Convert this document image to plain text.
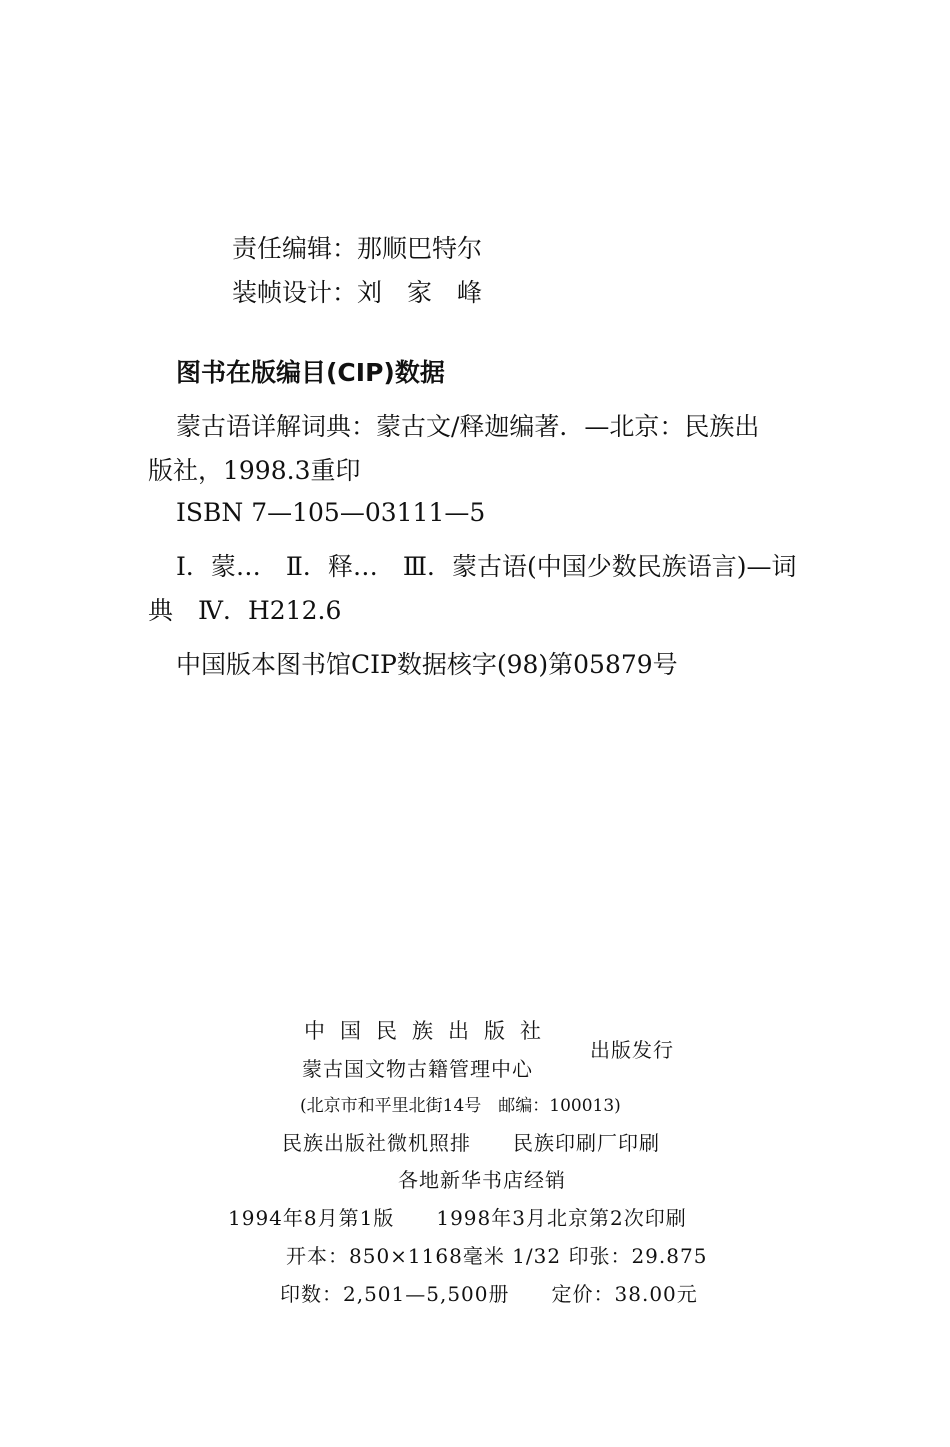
责任编辑：那顺巴特尔
装帧设计：刘　家　峰
图书在版编目(CIP)数据
蒙古语详解词典：蒙古文/释迦编著．—北京：民族出
版社，1998.3重印
ISBN 7—105—03111—5
Ⅰ．蒙…　Ⅱ．释…　Ⅲ．蒙古语(中国少数民族语言)—词
典　Ⅳ．H212.6
中国版本图书馆CIP数据核字(98)第05879号
中国民族出版社
蒙古国文物古籍管理中心
出版发行
(北京市和平里北街14号　邮编：100013)
民族出版社微机照排　　民族印刷厂印刷
各地新华书店经销
1994年8月第1版　　1998年3月北京第2次印刷
开本：850×1168毫米 1/32 印张：29.875
印数：2,501—5,500册　　定价：38.00元
